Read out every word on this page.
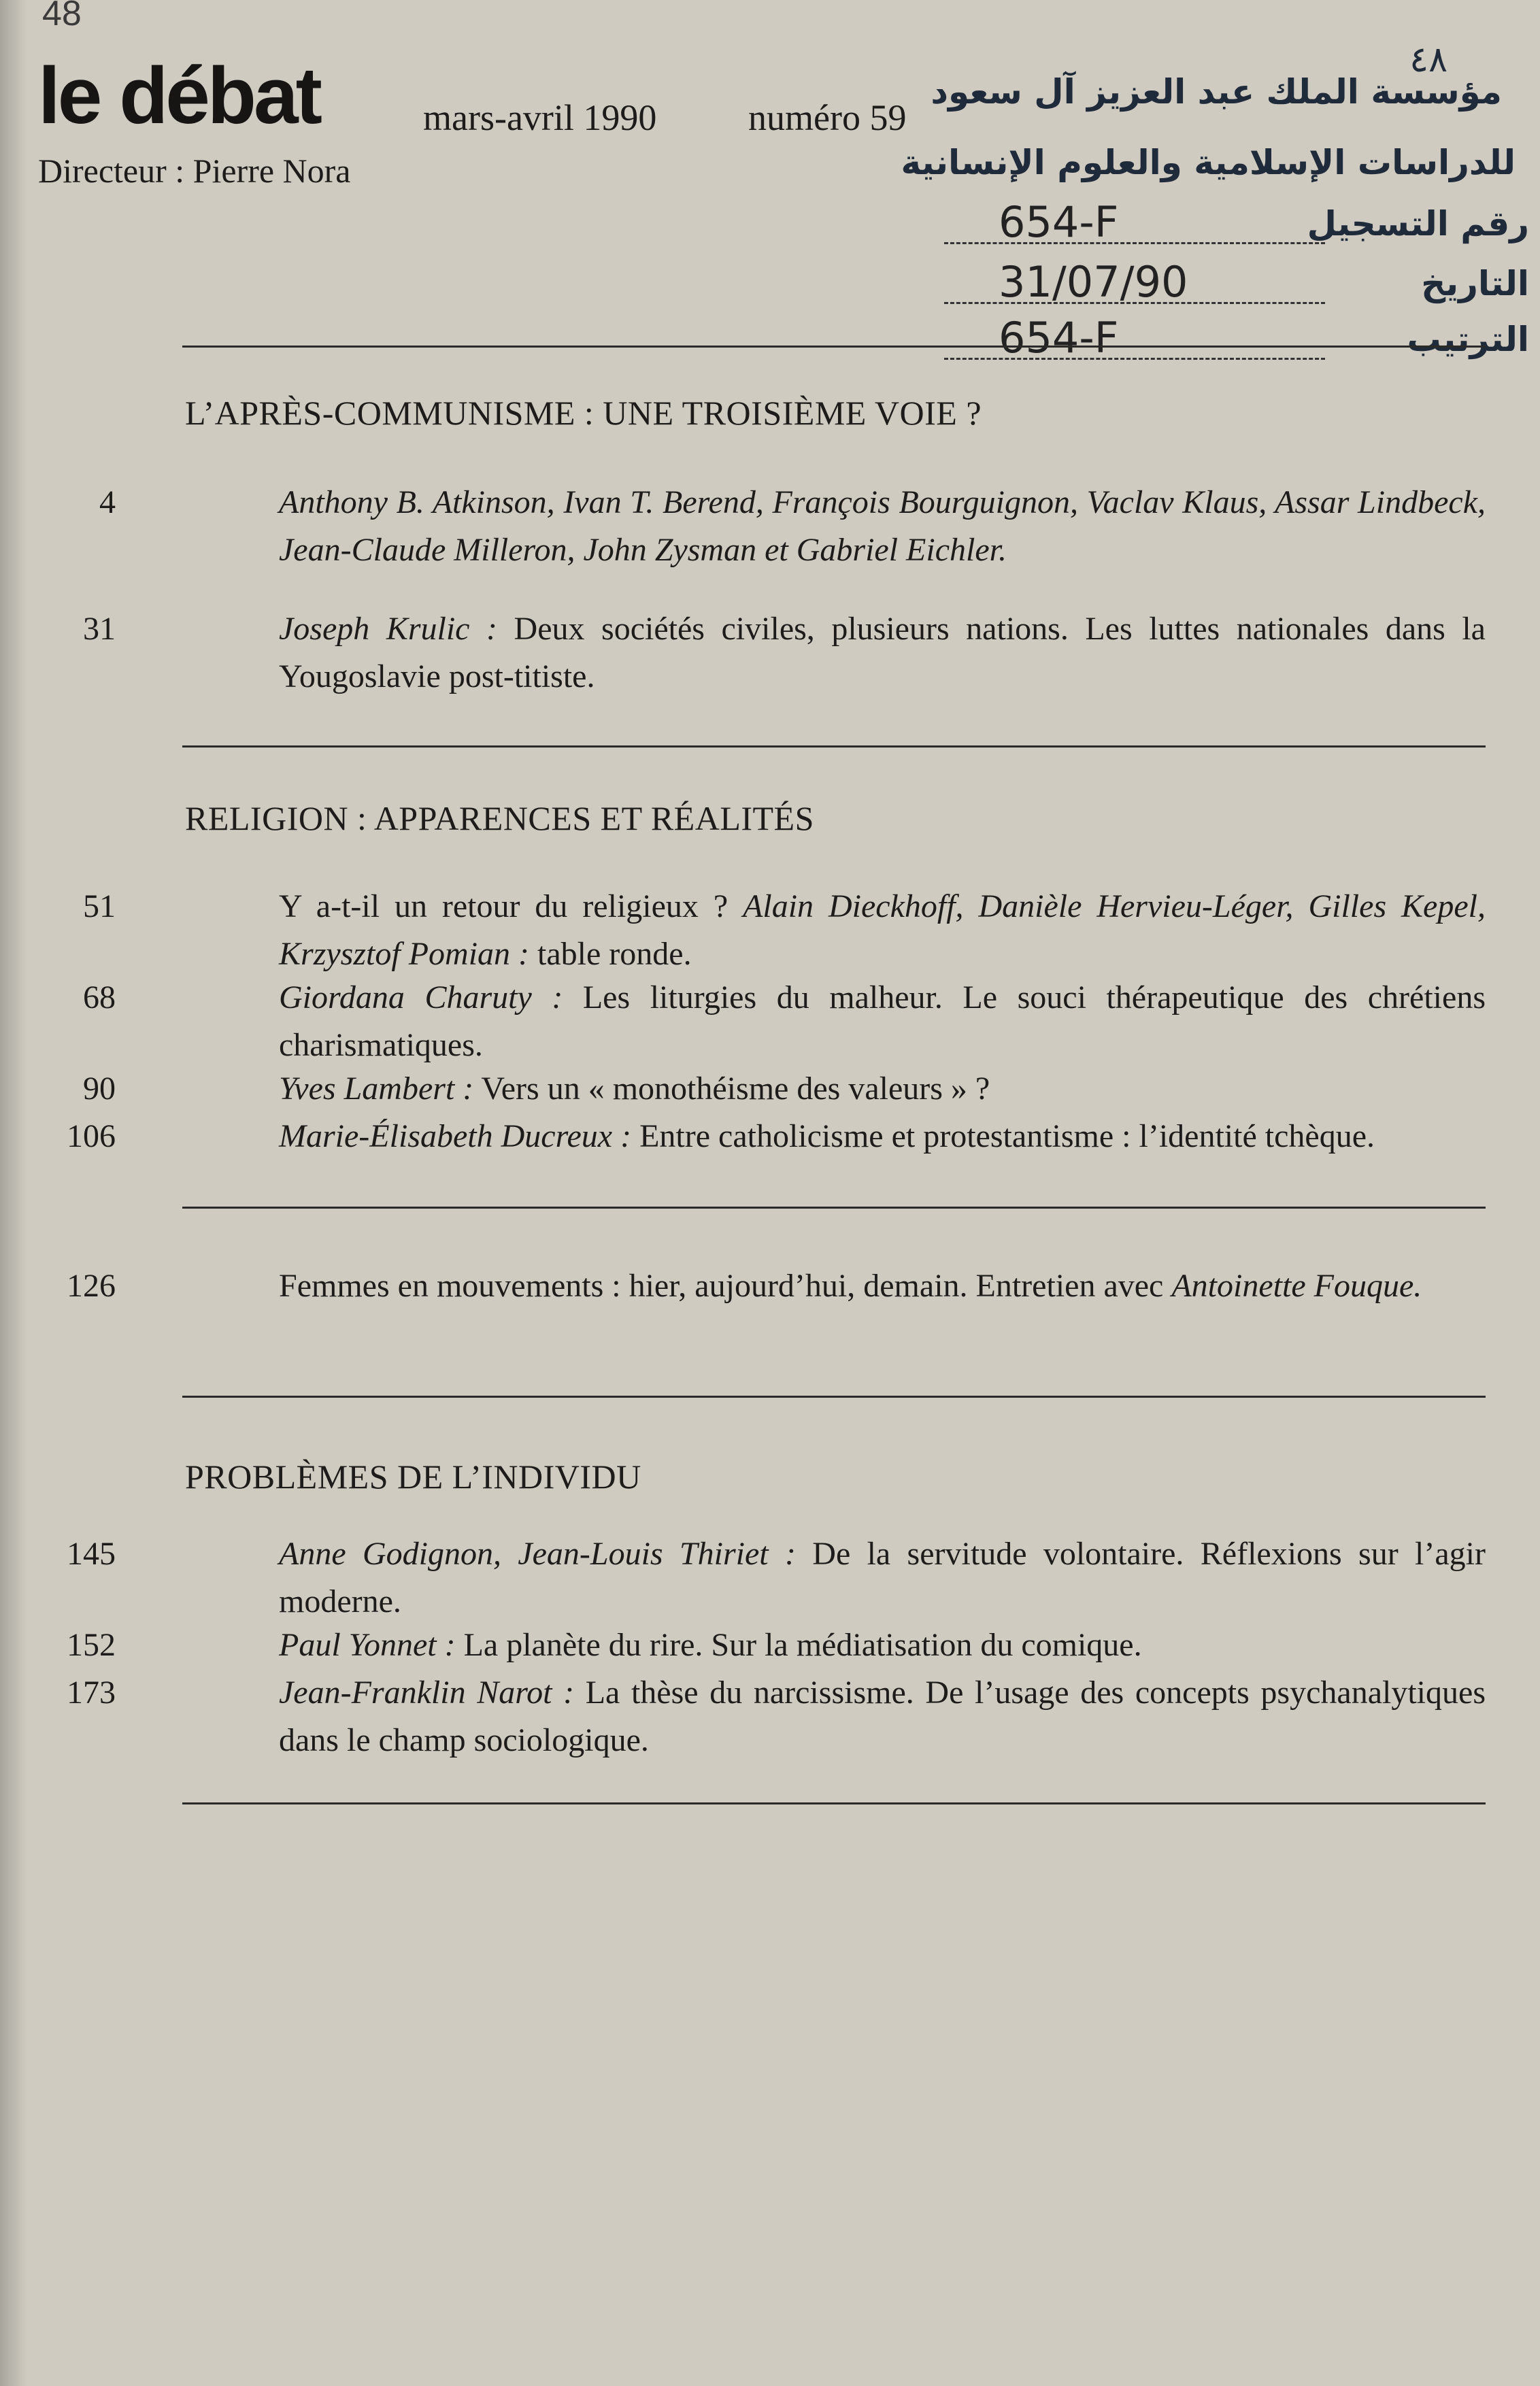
48
le débat	mars-avril 1990 numéro 59
Directeur : Pierre Nora
٤٨
مؤسسة الملك عبد العزيز آل سعود
للدراسات الإسلامية والعلوم الإنسانية
654-F	رقم التسجيل
31/07/90	التاريخ
654-F	الترتيب
L’APRÈS-COMMUNISME : UNE TROISIÈME VOIE ?
4	Anthony B. Atkinson, Ivan T. Berend, François Bourguignon, Vaclav Klaus, Assar Lindbeck, Jean-Claude Milleron, John Zysman et Gabriel Eichler.
31	Joseph Krulic : Deux sociétés civiles, plusieurs nations. Les luttes nationales dans la Yougoslavie post-titiste.
RELIGION : APPARENCES ET RÉALITÉS
51	Y a-t-il un retour du religieux ? Alain Dieckhoff, Danièle Hervieu-Léger, Gilles Kepel, Krzysztof Pomian : table ronde.
68	Giordana Charuty : Les liturgies du malheur. Le souci thérapeutique des chrétiens charismatiques.
90	Yves Lambert : Vers un « monothéisme des valeurs » ?
106	Marie-Élisabeth Ducreux : Entre catholicisme et protestantisme : l’identité tchèque.
126	Femmes en mouvements : hier, aujourd’hui, demain. Entretien avec Antoinette Fouque.
PROBLÈMES DE L’INDIVIDU
145	Anne Godignon, Jean-Louis Thiriet : De la servitude volontaire. Réflexions sur l’agir moderne.
152	Paul Yonnet : La planète du rire. Sur la médiatisation du comique.
173	Jean-Franklin Narot : La thèse du narcissisme. De l’usage des concepts psychanalytiques dans le champ sociologique.
